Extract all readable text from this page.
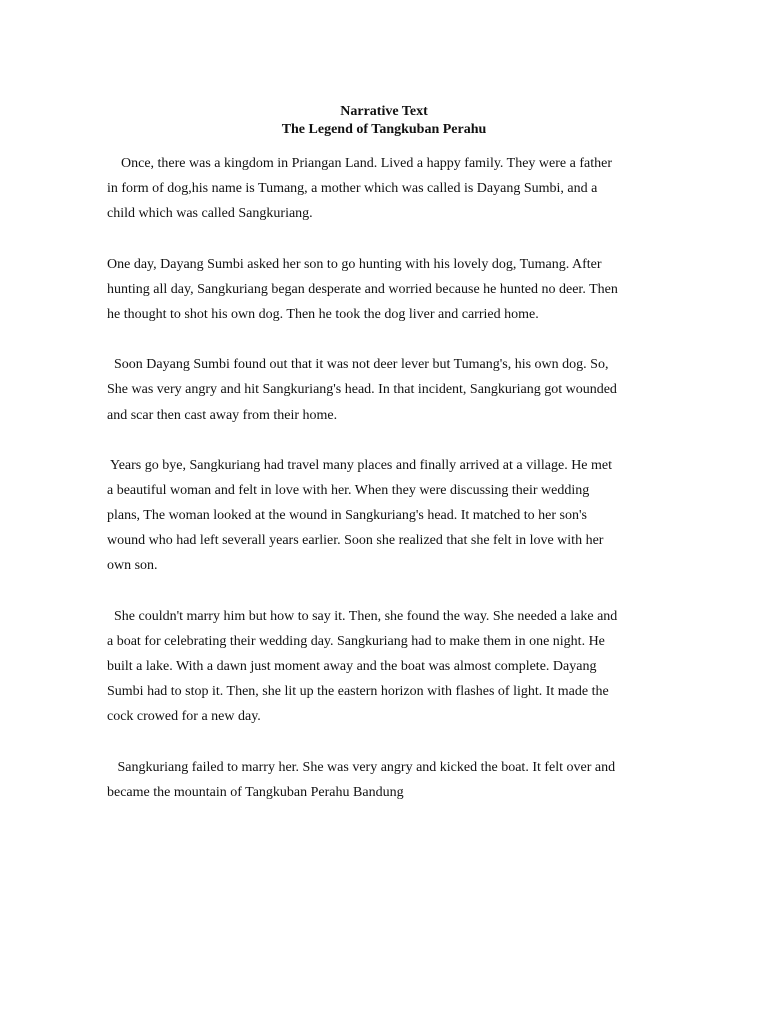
Narrative Text
The Legend of Tangkuban Perahu
Once, there was a kingdom in Priangan Land. Lived a happy family. They were a father
in form of dog,his name is Tumang, a mother which was called is Dayang Sumbi, and a
child which was called Sangkuriang.
One day, Dayang Sumbi asked her son to go hunting with his lovely dog, Tumang. After
hunting all day, Sangkuriang began desperate and worried because he hunted no deer. Then
he thought to shot his own dog. Then he took the dog liver and carried home.
Soon Dayang Sumbi found out that it was not deer lever but Tumang's, his own dog. So,
She was very angry and hit Sangkuriang's head. In that incident, Sangkuriang got wounded
and scar then cast away from their home.
Years go bye, Sangkuriang had travel many places and finally arrived at a village. He met
a beautiful woman and felt in love with her. When they were discussing their wedding
plans, The woman looked at the wound in Sangkuriang's head. It matched to her son's
wound who had left severall years earlier. Soon she realized that she felt in love with her
own son.
She couldn't marry him but how to say it. Then, she found the way. She needed a lake and
a boat for celebrating their wedding day. Sangkuriang had to make them in one night. He
built a lake. With a dawn just moment away and the boat was almost complete. Dayang
Sumbi had to stop it. Then, she lit up the eastern horizon with flashes of light. It made the
cock crowed for a new day.
Sangkuriang failed to marry her. She was very angry and kicked the boat. It felt over and
became the mountain of Tangkuban Perahu Bandung
